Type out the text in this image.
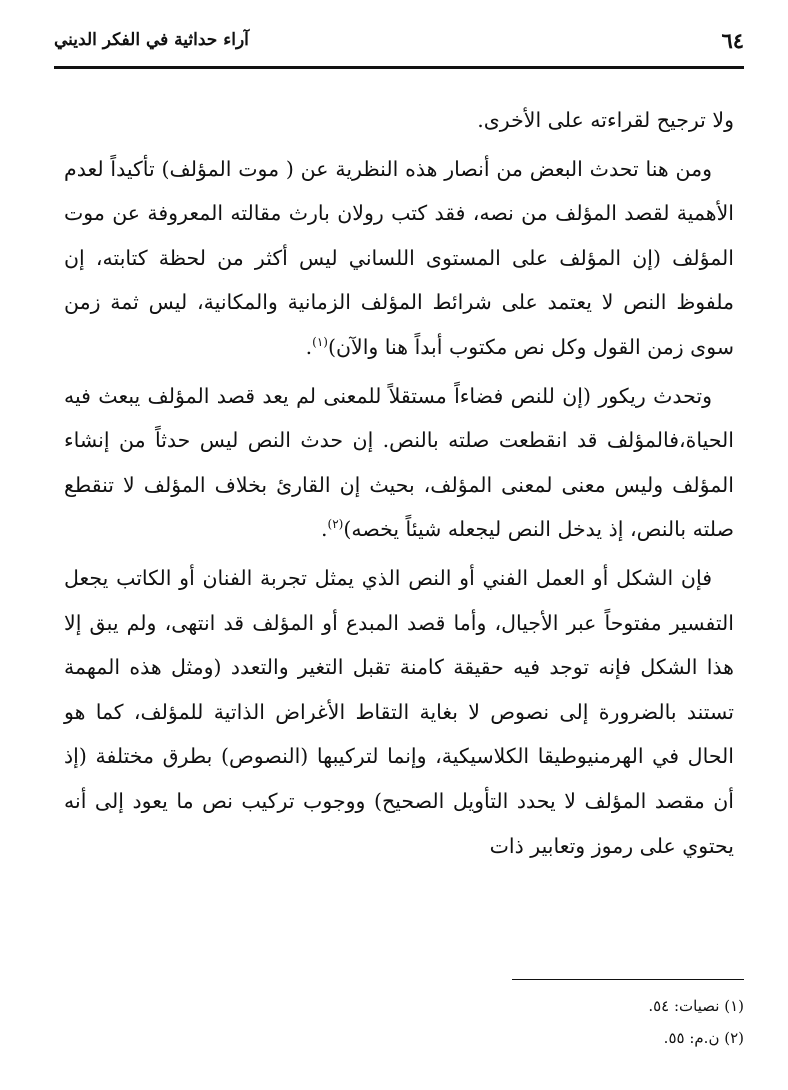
٦٤
آراء حداثية في الفكر الديني

ولا ترجيح لقراءته على الأخرى.

ومن هنا تحدث البعض من أنصار هذه النظرية عن ( موت المؤلف) تأكيداً لعدم الأهمية لقصد المؤلف من نصه، فقد كتب رولان بارث مقالته المعروفة عن موت المؤلف (إن المؤلف على المستوى اللساني ليس أكثر من لحظة كتابته، إن ملفوظ النص لا يعتمد على شرائط المؤلف الزمانية والمكانية، ليس ثمة زمن سوى زمن القول وكل نص مكتوب أبداً هنا والآن)$^{(١)}$.

وتحدث ريكور (إن للنص فضاءاً مستقلاً للمعنى لم يعد قصد المؤلف يبعث فيه الحياة،فالمؤلف قد انقطعت صلته بالنص. إن حدث النص ليس حدثاً من إنشاء المؤلف وليس معنى لمعنى المؤلف، بحيث إن القارئ بخلاف المؤلف لا تنقطع صلته بالنص، إذ يدخل النص ليجعله شيئاً يخصه)$^{(٢)}$.

فإن الشكل أو العمل الفني أو النص الذي يمثل تجربة الفنان أو الكاتب يجعل التفسير مفتوحاً عبر الأجيال، وأما قصد المبدع أو المؤلف قد انتهى، ولم يبق إلا هذا الشكل فإنه توجد فيه حقيقة كامنة تقبل التغير والتعدد (ومثل هذه المهمة تستند بالضرورة إلى نصوص لا بغاية التقاط الأغراض الذاتية للمؤلف، كما هو الحال في الهرمنيوطيقا الكلاسيكية، وإنما لتركيبها (النصوص) بطرق مختلفة (إذ أن مقصد المؤلف لا يحدد التأويل الصحيح) ووجوب تركيب نص ما يعود إلى أنه يحتوي على رموز وتعابير ذات

(١) نصيات: ٥٤.

(٢) ن.م: ٥٥.
